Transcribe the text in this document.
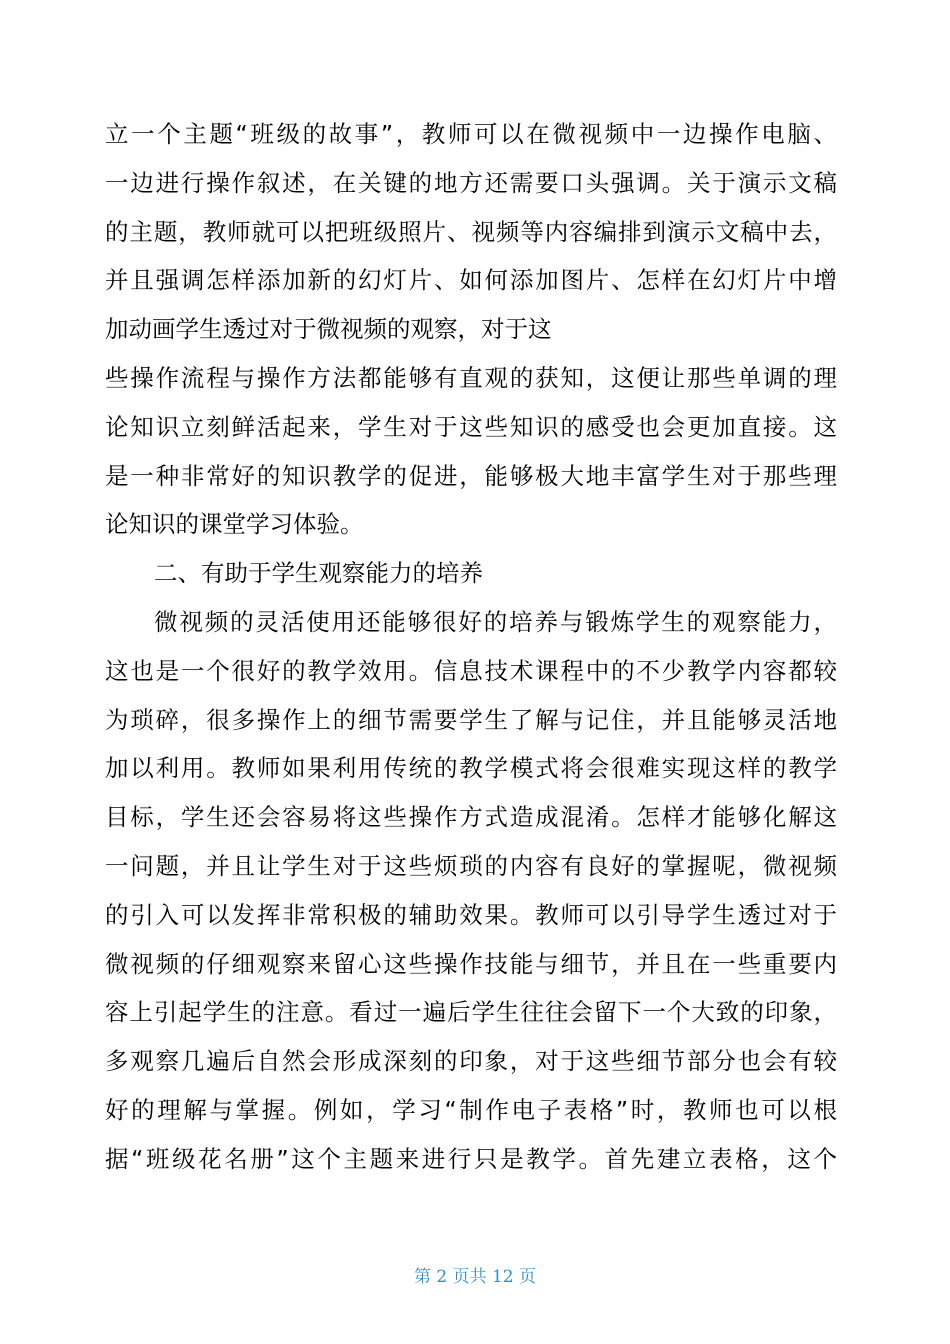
立一个主题“班级的故事”，教师可以在微视频中一边操作电脑、
一边进行操作叙述，在关键的地方还需要口头强调。关于演示文稿
的主题，教师就可以把班级照片、视频等内容编排到演示文稿中去，
并且强调怎样添加新的幻灯片、如何添加图片、怎样在幻灯片中增
加动画学生透过对于微视频的观察，对于这
些操作流程与操作方法都能够有直观的获知，这便让那些单调的理
论知识立刻鲜活起来，学生对于这些知识的感受也会更加直接。这
是一种非常好的知识教学的促进，能够极大地丰富学生对于那些理
论知识的课堂学习体验。
二、有助于学生观察能力的培养
微视频的灵活使用还能够很好的培养与锻炼学生的观察能力，
这也是一个很好的教学效用。信息技术课程中的不少教学内容都较
为琐碎，很多操作上的细节需要学生了解与记住，并且能够灵活地
加以利用。教师如果利用传统的教学模式将会很难实现这样的教学
目标，学生还会容易将这些操作方式造成混淆。怎样才能够化解这
一问题，并且让学生对于这些烦琐的内容有良好的掌握呢，微视频
的引入可以发挥非常积极的辅助效果。教师可以引导学生透过对于
微视频的仔细观察来留心这些操作技能与细节，并且在一些重要内
容上引起学生的注意。看过一遍后学生往往会留下一个大致的印象，
多观察几遍后自然会形成深刻的印象，对于这些细节部分也会有较
好的理解与掌握。例如，学习“制作电子表格”时，教师也可以根
据“班级花名册”这个主题来进行只是教学。首先建立表格，这个
第 2 页共 12 页
